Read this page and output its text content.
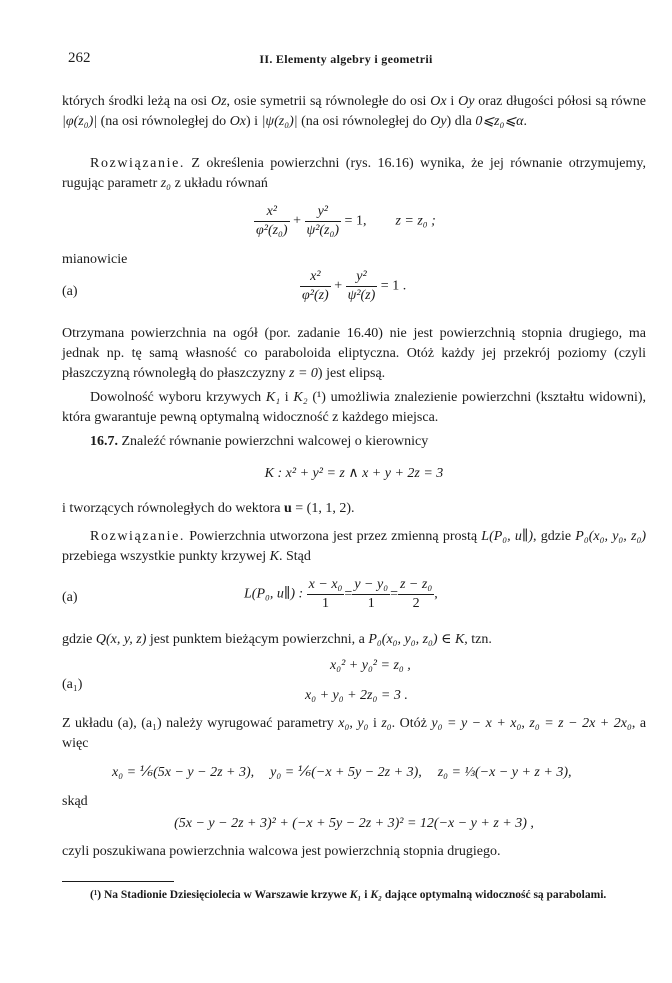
262	II. Elementy algebry i geometrii
których środki leżą na osi Oz, osie symetrii są równoległe do osi Ox i Oy oraz długości półosi są równe |φ(z₀)| (na osi równoległej do Ox) i |ψ(z₀)| (na osi równoległej do Oy) dla 0⩽z₀⩽α.
Rozwiązanie. Z określenia powierzchni (rys. 16.16) wynika, że jej równanie otrzymujemy, rugując parametr z₀ z układu równań
$\frac{\text{x²}}{\text{φ²(z₀)}} + \frac{\text{y²}}{\text{ψ²(z₀)}} = 1$, z = z₀ ;
mianowicie
(a)	$\frac{\text{x²}}{\text{φ²(z)}} + \frac{\text{y²}}{\text{ψ²(z)}} = 1$ .
Otrzymana powierzchnia na ogół (por. zadanie 16.40) nie jest powierzchnią stopnia drugiego, ma jednak np. tę samą własność co paraboloida eliptyczna. Otóż każdy jej przekrój poziomy (czyli płaszczyzną równoległą do płaszczyzny z = 0) jest elipsą.
Dowolność wyboru krzywych K₁ i K₂ (¹) umożliwia znalezienie powierzchni (kształtu widowni), która gwarantuje pewną optymalną widoczność z każdego miejsca.
16.7. Znaleźć równanie powierzchni walcowej o kierownicy
K : x² + y² = z ∧ x + y + 2z = 3
i tworzących równoległych do wektora u = (1, 1, 2).
Rozwiązanie. Powierzchnia utworzona jest przez zmienną prostą L(P₀, u∥), gdzie P₀(x₀, y₀, z₀) przebiega wszystkie punkty krzywej K. Stąd
(a)	L(P₀, u∥) : $\frac{\text{x − x₀}}{1} = \frac{\text{y − y₀}}{1} = \frac{\text{z − z₀}}{2}$ ,
gdzie Q(x, y, z) jest punktem bieżącym powierzchni, a P₀(x₀, y₀, z₀) ∈ K, tzn.
(a₁)
x₀² + y₀² = z₀ ,
x₀ + y₀ + 2z₀ = 3 .
Z układu (a), (a₁) należy wyrugować parametry x₀, y₀ i z₀. Otóż y₀ = y − x + x₀, z₀ = z − 2x + 2x₀, a więc
x₀ = ⅙(5x − y − 2z + 3), y₀ = ⅙(−x + 5y − 2z + 3), z₀ = ⅓(−x − y + z + 3),
skąd
(5x − y − 2z + 3)² + (−x + 5y − 2z + 3)² = 12(−x − y + z + 3) ,
czyli poszukiwana powierzchnia walcowa jest powierzchnią stopnia drugiego.
(¹) Na Stadionie Dziesięciolecia w Warszawie krzywe K₁ i K₂ dające optymalną widoczność są parabolami.
